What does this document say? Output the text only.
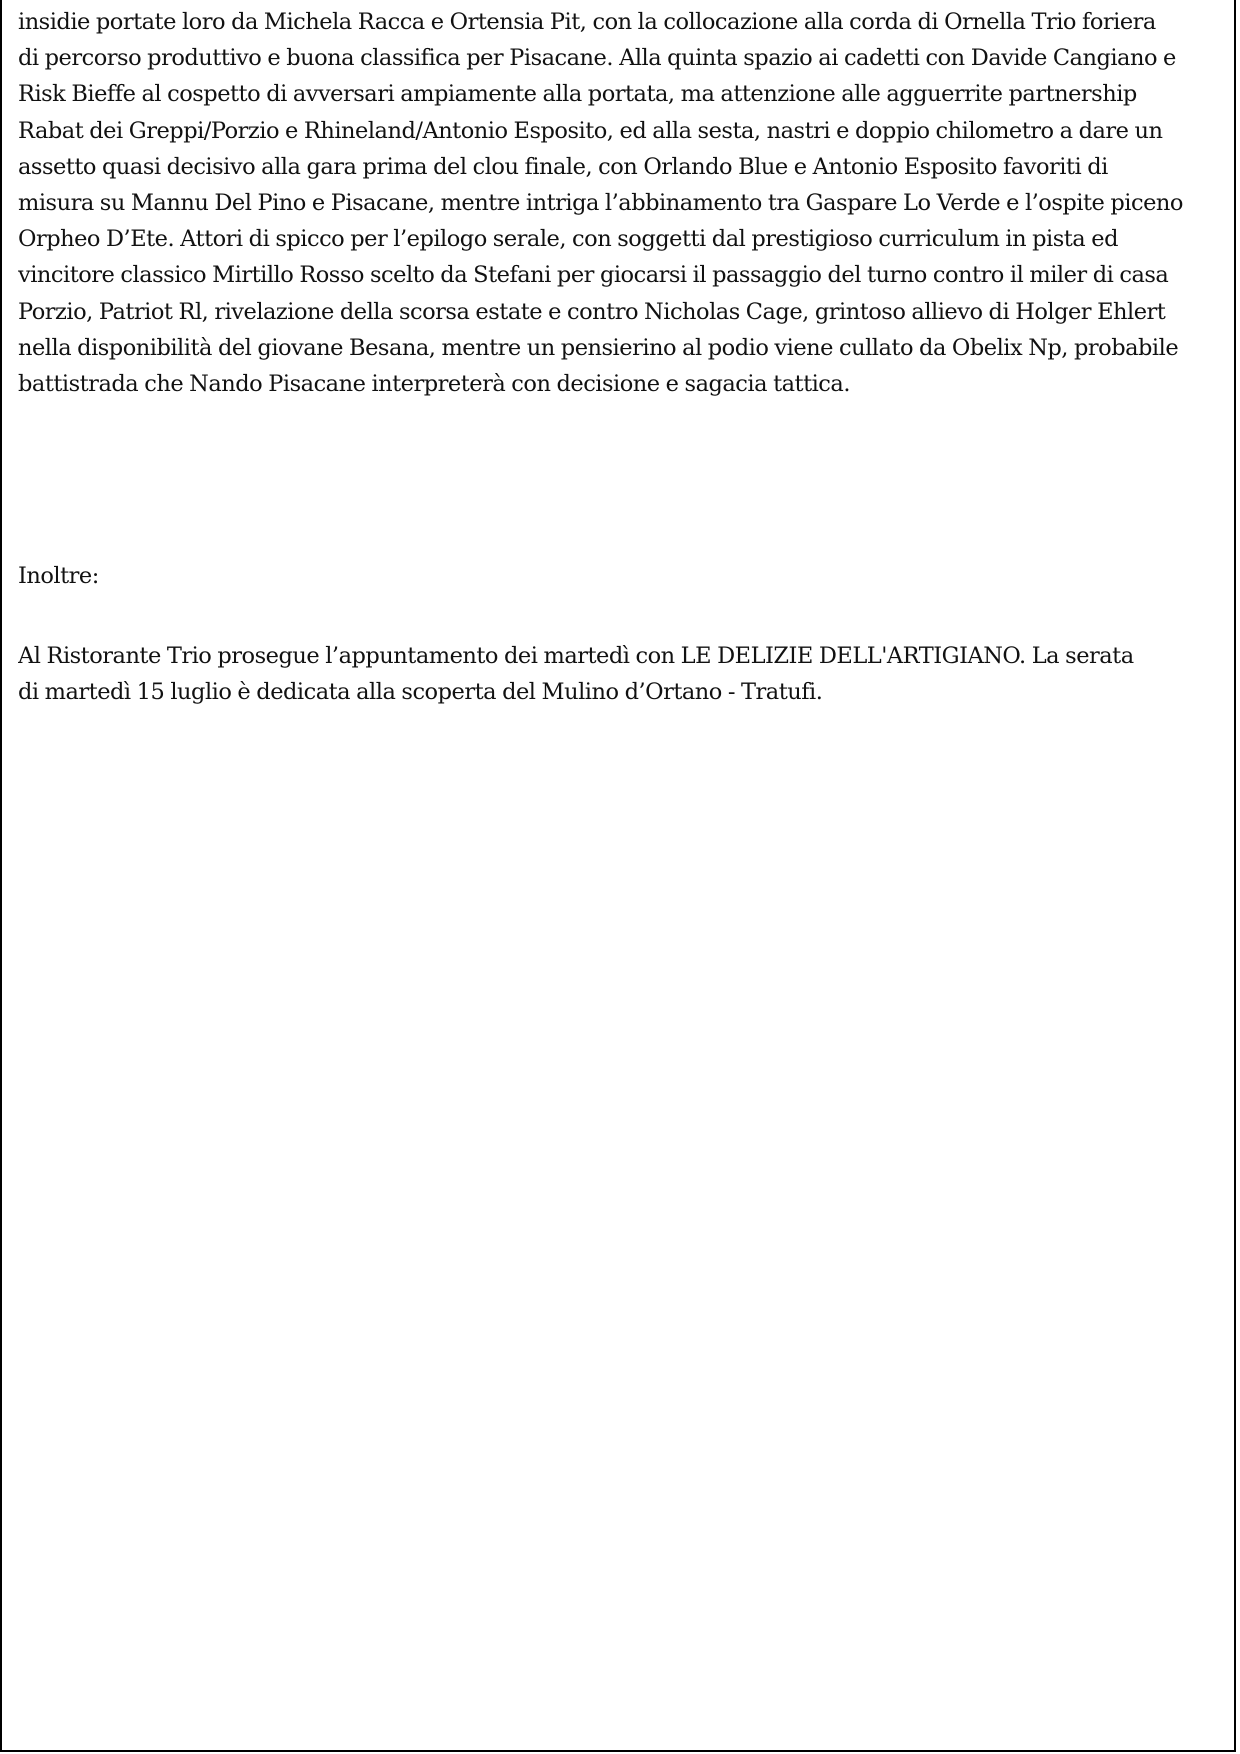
insidie portate loro da Michela Racca e Ortensia Pit, con la collocazione alla corda di Ornella Trio foriera
di percorso produttivo e buona classifica per Pisacane. Alla quinta spazio ai cadetti con Davide Cangiano e
Risk Bieffe al cospetto di avversari ampiamente alla portata, ma attenzione alle agguerrite partnership
Rabat dei Greppi/Porzio e Rhineland/Antonio Esposito, ed alla sesta, nastri e doppio chilometro a dare un
assetto quasi decisivo alla gara prima del clou finale, con Orlando Blue e Antonio Esposito favoriti di
misura su Mannu Del Pino e Pisacane, mentre intriga l’abbinamento tra Gaspare Lo Verde e l’ospite piceno
Orpheo D’Ete. Attori di spicco per l’epilogo serale, con soggetti dal prestigioso curriculum in pista ed
vincitore classico Mirtillo Rosso scelto da Stefani per giocarsi il passaggio del turno contro il miler di casa
Porzio, Patriot Rl, rivelazione della scorsa estate e contro Nicholas Cage, grintoso allievo di Holger Ehlert
nella disponibilità del giovane Besana, mentre un pensierino al podio viene cullato da Obelix Np, probabile
battistrada che Nando Pisacane interpreterà con decisione e sagacia tattica.

Inoltre:

Al Ristorante Trio prosegue l’appuntamento dei martedì con LE DELIZIE DELL'ARTIGIANO. La serata
di martedì 15 luglio è dedicata alla scoperta del Mulino d’Ortano - Tratufi.
